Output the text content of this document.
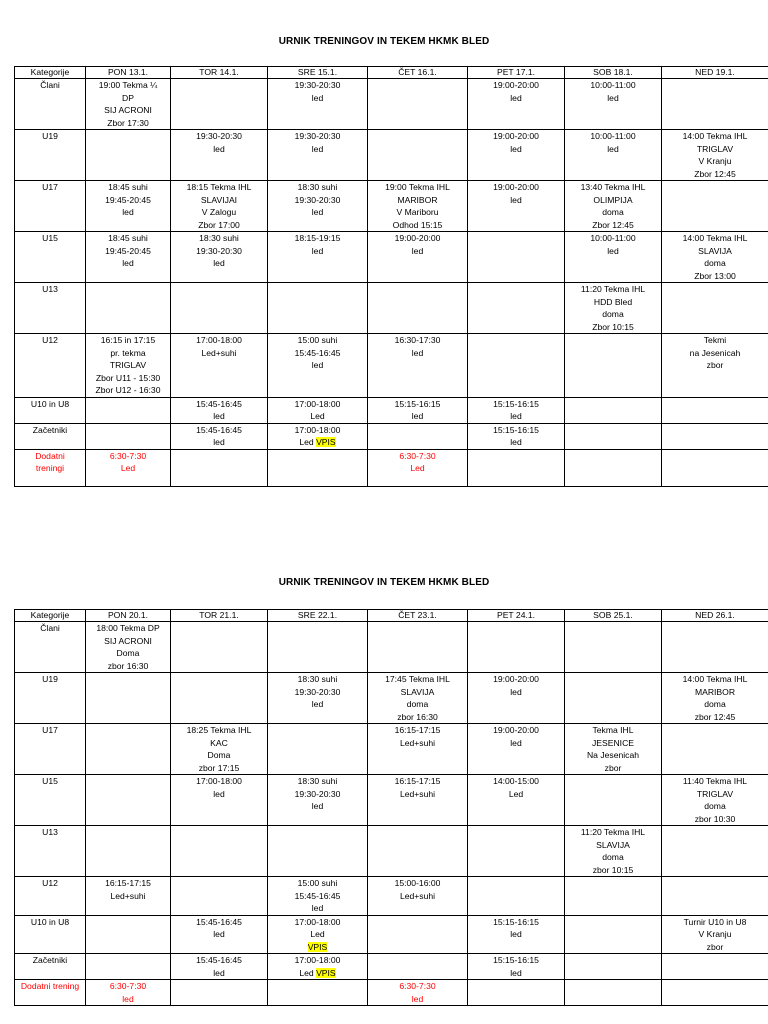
URNIK TRENINGOV IN TEKEM HKMK BLED
Kategorije	PON 13.1.	TOR 14.1.	SRE 15.1.	ČET 16.1.	PET 17.1.	SOB 18.1.	NED 19.1.

Člani	19:00 Tekma ¼
DP
SIJ ACRONI
Zbor 17:30		19:30-20:30
led		19:00-20:00
led	10:00-11:00
led	

U19		19:30-20:30
led	19:30-20:30
led		19:00-20:00
led	10:00-11:00
led	14:00 Tekma IHL
TRIGLAV
V Kranju
Zbor 12:45

U17	18:45 suhi
19:45-20:45
led	18:15 Tekma IHL
SLAVIJAI
V Zalogu
Zbor 17:00	18:30 suhi
19:30-20:30
led	19:00 Tekma IHL
MARIBOR
V Mariboru
Odhod 15:15	19:00-20:00
led	13:40 Tekma IHL
OLIMPIJA
doma
Zbor 12:45	

U15	18:45 suhi
19:45-20:45
led	18:30 suhi
19:30-20:30
led	18:15-19:15
led	19:00-20:00
led		10:00-11:00
led	14:00 Tekma IHL
SLAVIJA
doma
Zbor 13:00

U13						11:20 Tekma IHL
HDD Bled
doma
Zbor 10:15	

U12	16:15 in 17:15
pr. tekma
TRIGLAV
Zbor U11 - 15:30
Zbor U12 - 16:30	17:00-18:00
Led+suhi	15:00 suhi
15:45-16:45
led	16:30-17:30
led			Tekmi
na Jesenicah
zbor

U10 in U8		15:45-16:45
led	17:00-18:00
Led	15:15-16:15
led	15:15-16:15
led		

Začetniki		15:45-16:45
led	17:00-18:00
Led VPIS		15:15-16:15
led		

Dodatni
treningi	6:30-7:30
Led			6:30-7:30
Led			

URNIK TRENINGOV IN TEKEM HKMK BLED
Kategorije	PON 20.1.	TOR 21.1.	SRE 22.1.	ČET 23.1.	PET 24.1.	SOB 25.1.	NED 26.1.

Člani	18:00 Tekma DP
SIJ ACRONI
Doma
zbor 16:30						

U19			18:30 suhi
19:30-20:30
led	17:45 Tekma IHL
SLAVIJA
doma
zbor 16:30	19:00-20:00
led		14:00 Tekma IHL
MARIBOR
doma
zbor 12:45

U17		18:25 Tekma IHL
KAC
Doma
zbor 17:15		16:15-17:15
Led+suhi	19:00-20:00
led	Tekma IHL
JESENICE
Na Jesenicah
zbor	

U15		17:00-18:00
led	18:30 suhi
19:30-20:30
led	16:15-17:15
Led+suhi	14:00-15:00
Led		11:40 Tekma IHL
TRIGLAV
doma
zbor 10:30

U13						11:20 Tekma IHL
SLAVIJA
doma
zbor 10:15	

U12	16:15-17:15
Led+suhi		15:00 suhi
15:45-16:45
led	15:00-16:00
Led+suhi			

U10 in U8		15:45-16:45
led	17:00-18:00
Led
VPIS		15:15-16:15
led		Turnir U10 in U8
V Kranju
zbor

Začetniki		15:45-16:45
led	17:00-18:00
Led VPIS		15:15-16:15
led		

Dodatni trening	6:30-7:30
led			6:30-7:30
led			
